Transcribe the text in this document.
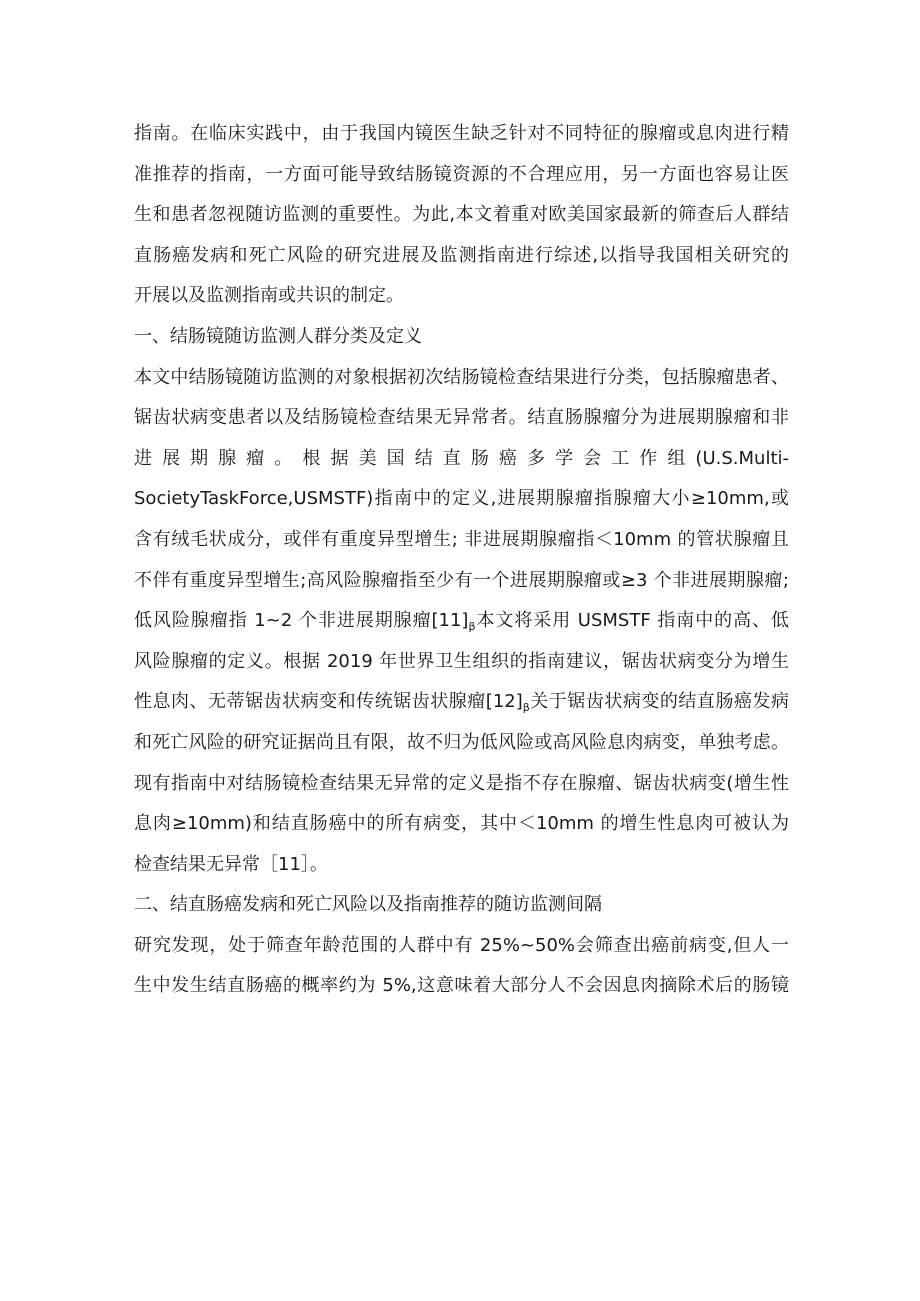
指南。在临床实践中，由于我国内镜医生缺乏针对不同特征的腺瘤或息肉进行精
准推荐的指南，一方面可能导致结肠镜资源的不合理应用，另一方面也容易让医
生和患者忽视随访监测的重要性。为此,本文着重对欧美国家最新的筛查后人群结
直肠癌发病和死亡风险的研究进展及监测指南进行综述,以指导我国相关研究的
开展以及监测指南或共识的制定。
一、结肠镜随访监测人群分类及定义
本文中结肠镜随访监测的对象根据初次结肠镜检查结果进行分类，包括腺瘤患者、
锯齿状病变患者以及结肠镜检查结果无异常者。结直肠腺瘤分为进展期腺瘤和非
进展期腺瘤。根据美国结直肠癌多学会工作组(U.S.Multi-
SocietyTaskForce,USMSTF)指南中的定义,进展期腺瘤指腺瘤大小≥10mm,或
含有绒毛状成分，或伴有重度异型增生; 非进展期腺瘤指＜10mm 的管状腺瘤且
不伴有重度异型增生;高风险腺瘤指至少有一个进展期腺瘤或≥3 个非进展期腺瘤;
低风险腺瘤指 1~2 个非进展期腺瘤$[11]_\beta$本文将采用 USMSTF 指南中的高、低
风险腺瘤的定义。根据 2019 年世界卫生组织的指南建议，锯齿状病变分为增生
性息肉、无蒂锯齿状病变和传统锯齿状腺瘤$[12]_\beta$关于锯齿状病变的结直肠癌发病
和死亡风险的研究证据尚且有限，故不归为低风险或高风险息肉病变，单独考虑。
现有指南中对结肠镜检查结果无异常的定义是指不存在腺瘤、锯齿状病变(增生性
息肉≥10mm)和结直肠癌中的所有病变，其中＜10mm 的增生性息肉可被认为
检查结果无异常［11］。
二、结直肠癌发病和死亡风险以及指南推荐的随访监测间隔
研究发现，处于筛查年龄范围的人群中有 25%~50%会筛查出癌前病变,但人一
生中发生结直肠癌的概率约为 5%,这意味着大部分人不会因息肉摘除术后的肠镜
